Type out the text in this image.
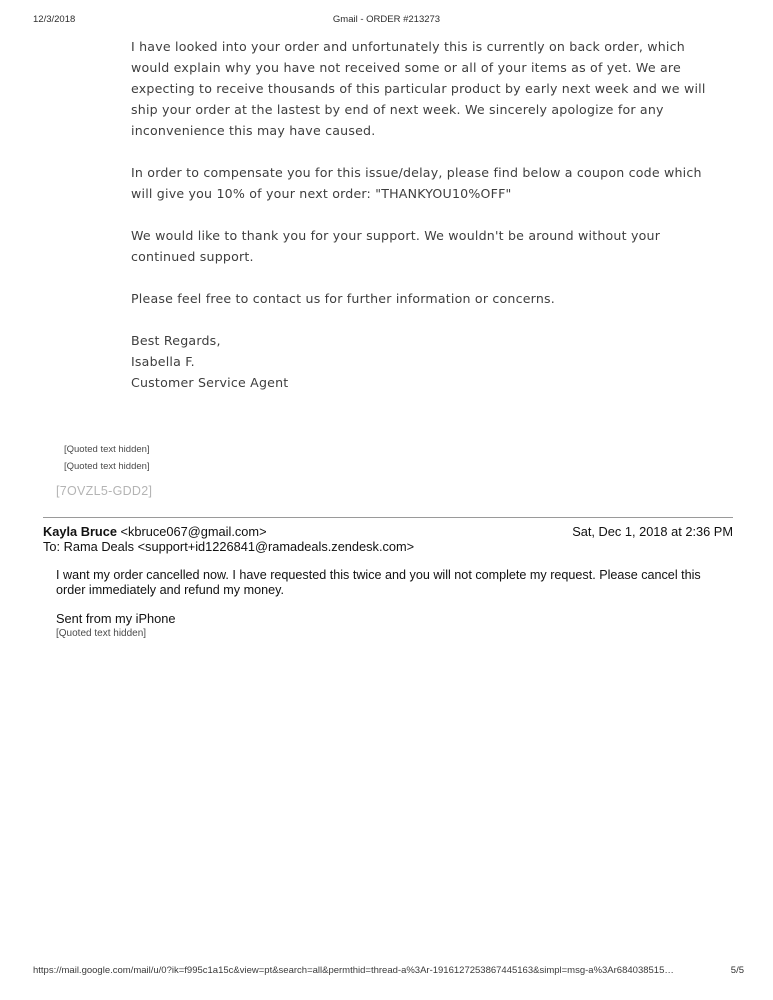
12/3/2018	Gmail - ORDER #213273

I have looked into your order and unfortunately this is currently on back order, which would explain why you have not received some or all of your items as of yet. We are expecting to receive thousands of this particular product by early next week and we will ship your order at the lastest by end of next week. We sincerely apologize for any inconvenience this may have caused.

In order to compensate you for this issue/delay, please find below a coupon code which will give you 10% of your next order: "THANKYOU10%OFF"

We would like to thank you for your support. We wouldn't be around without your continued support.

Please feel free to contact us for further information or concerns.

Best Regards,
Isabella F.
Customer Service Agent
[Quoted text hidden]
[Quoted text hidden]
[7OVZL5-GDD2]
Kayla Bruce <kbruce067@gmail.com>	Sat, Dec 1, 2018 at 2:36 PM
To: Rama Deals <support+id1226841@ramadeals.zendesk.com>
I want my order cancelled now. I have requested this twice and you will not complete my request. Please cancel this order immediately and refund my money.
Sent from my iPhone
[Quoted text hidden]
https://mail.google.com/mail/u/0?ik=f995c1a15c&view=pt&search=all&permthid=thread-a%3Ar-1916127253867445163&simpl=msg-a%3Ar684038515…	5/5
